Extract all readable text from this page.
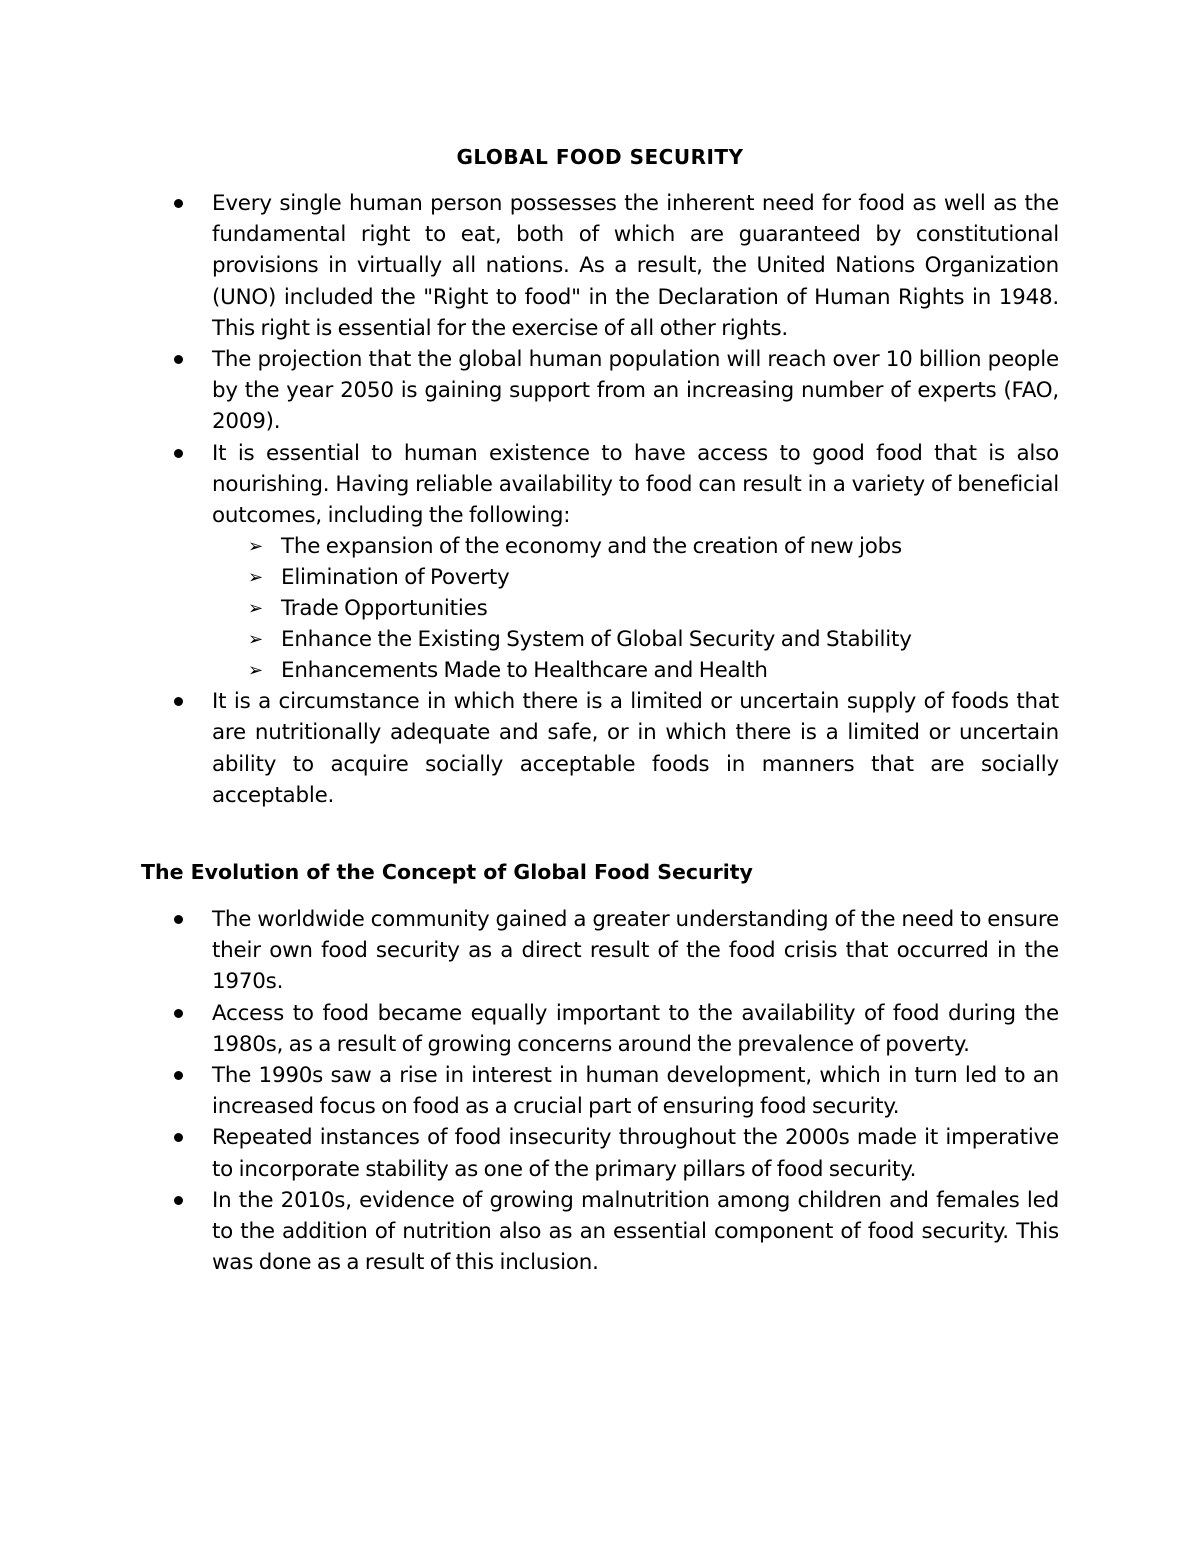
GLOBAL FOOD SECURITY
Every single human person possesses the inherent need for food as well as the fundamental right to eat, both of which are guaranteed by constitutional provisions in virtually all nations. As a result, the United Nations Organization (UNO) included the "Right to food" in the Declaration of Human Rights in 1948. This right is essential for the exercise of all other rights.
The projection that the global human population will reach over 10 billion people by the year 2050 is gaining support from an increasing number of experts (FAO, 2009).
It is essential to human existence to have access to good food that is also nourishing. Having reliable availability to food can result in a variety of beneficial outcomes, including the following:
➢ The expansion of the economy and the creation of new jobs
➢ Elimination of Poverty
➢ Trade Opportunities
➢ Enhance the Existing System of Global Security and Stability
➢ Enhancements Made to Healthcare and Health
It is a circumstance in which there is a limited or uncertain supply of foods that are nutritionally adequate and safe, or in which there is a limited or uncertain ability to acquire socially acceptable foods in manners that are socially acceptable.
The Evolution of the Concept of Global Food Security
The worldwide community gained a greater understanding of the need to ensure their own food security as a direct result of the food crisis that occurred in the 1970s.
Access to food became equally important to the availability of food during the 1980s, as a result of growing concerns around the prevalence of poverty.
The 1990s saw a rise in interest in human development, which in turn led to an increased focus on food as a crucial part of ensuring food security.
Repeated instances of food insecurity throughout the 2000s made it imperative to incorporate stability as one of the primary pillars of food security.
In the 2010s, evidence of growing malnutrition among children and females led to the addition of nutrition also as an essential component of food security. This was done as a result of this inclusion.
